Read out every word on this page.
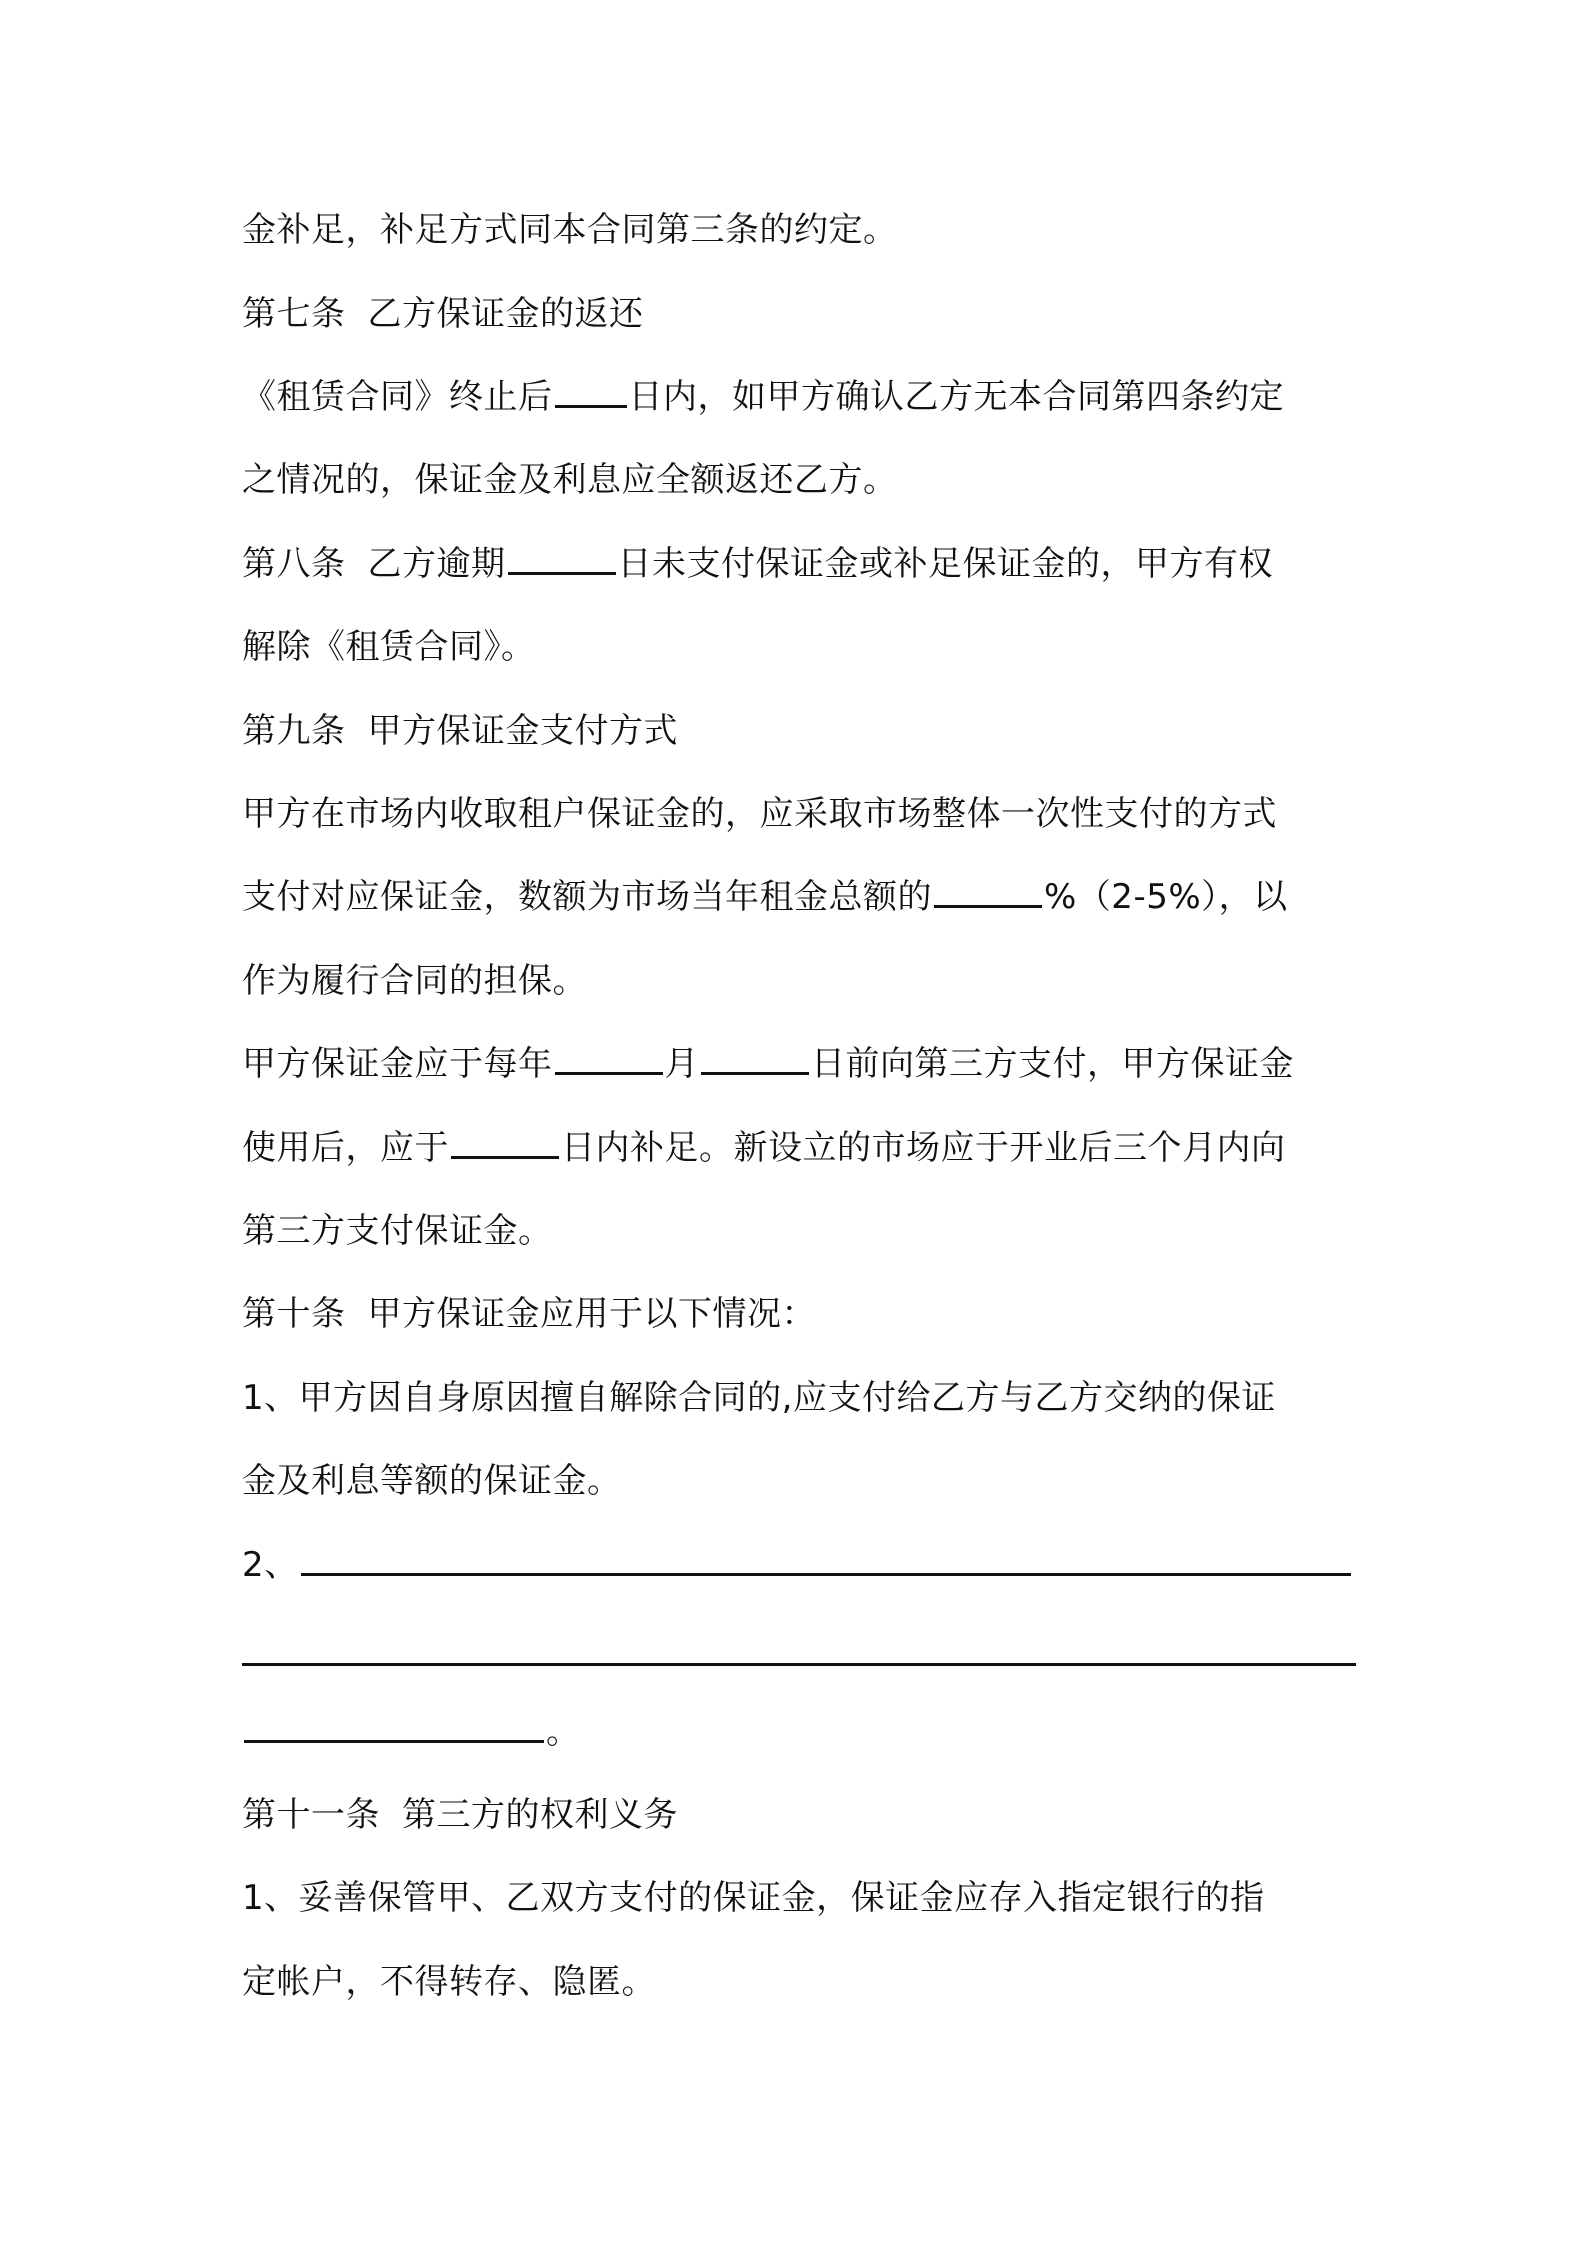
金补足，补足方式同本合同第三条的约定。
第七条 乙方保证金的返还
《租赁合同》终止后 日内，如甲方确认乙方无本合同第四条约定
之情况的，保证金及利息应全额返还乙方。
第八条 乙方逾期	日未支付保证金或补足保证金的，甲方有权
解除《租赁合同》。
第九条 甲方保证金支付方式
甲方在市场内收取租户保证金的，应采取市场整体一次性支付的方式
支付对应保证金，数额为市场当年租金总额的	%（2-5%），以
作为履行合同的担保。
甲方保证金应于每年	月	日前向第三方支付，甲方保证金
使用后，应于	日内补足。新设立的市场应于开业后三个月内向
第三方支付保证金。
第十条 甲方保证金应用于以下情况：
1、甲方因自身原因擅自解除合同的,应支付给乙方与乙方交纳的保证
金及利息等额的保证金。
2、
。
第十一条 第三方的权利义务
1、妥善保管甲、乙双方支付的保证金，保证金应存入指定银行的指
定帐户，不得转存、隐匿。
